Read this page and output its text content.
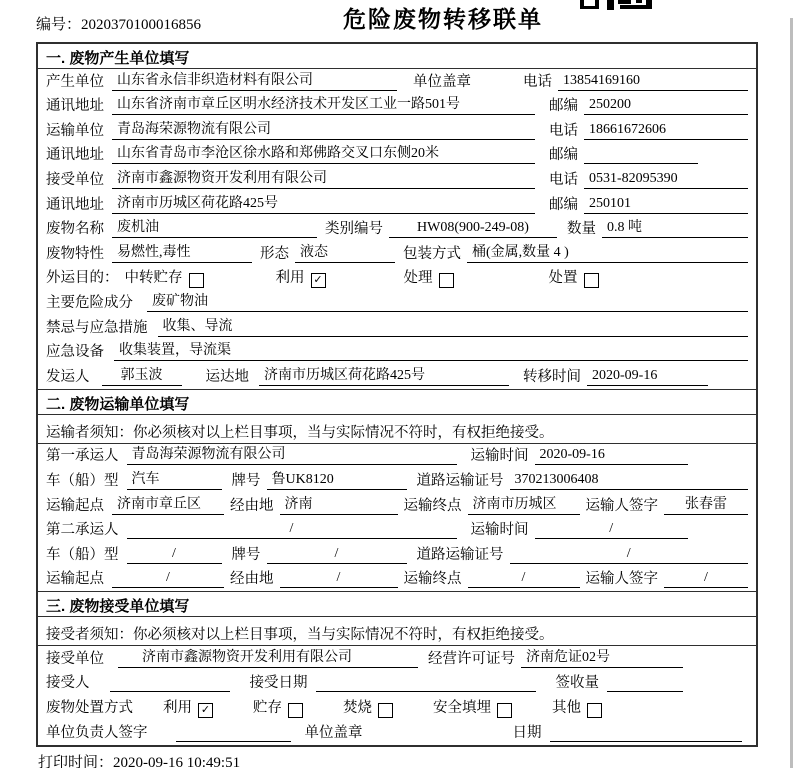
编号：2020370100016856	危险废物转移联单
一. 废物产生单位填写
产生单位 山东省永信非织造材料有限公司	单位盖章	电话 13854169160
通讯地址 山东省济南市章丘区明水经济技术开发区工业一路501号	邮编 250200
运输单位 青岛海荣源物流有限公司	电话 18661672606
通讯地址 山东省青岛市李沧区徐水路和郑佛路交叉口东侧20米	邮编
接受单位 济南市鑫源物资开发利用有限公司	电话 0531-82095390
通讯地址 济南市历城区荷花路425号	邮编 250101
废物名称 废机油	类别编号	HW08(900-249-08)	数量 0.8 吨
废物特性 易燃性,毒性	形态 液态	包装方式 桶(金属,数量 4 )
外运目的： 中转贮存	利用 ✓	处理	处置
主要危险成分	废矿物油
禁忌与应急措施	收集、导流
应急设备	收集装置，导流渠
发运人	郭玉波	运达地	济南市历城区荷花路425号	转移时间 2020-09-16
二. 废物运输单位填写
运输者须知：你必须核对以上栏目事项，当与实际情况不符时，有权拒绝接受。
第一承运人 青岛海荣源物流有限公司	运输时间 2020-09-16
车（船）型 汽车	牌号 鲁UK8120	道路运输证号 370213006408
运输起点 济南市章丘区	经由地 济南	运输终点 济南市历城区	运输人签字	张春雷
第二承运人	/	运输时间	/
车（船）型	/	牌号	/	道路运输证号	/
运输起点	/	经由地	/	运输终点	/	运输人签字	/
三. 废物接受单位填写
接受者须知：你必须核对以上栏目事项，当与实际情况不符时，有权拒绝接受。
接受单位	济南市鑫源物资开发利用有限公司	经营许可证号 济南危证02号
接受人	接受日期	签收量
废物处置方式 利用 ✓	贮存	焚烧	安全填埋	其他
单位负责人签字	单位盖章	日期
打印时间：2020-09-16 10:49:51
